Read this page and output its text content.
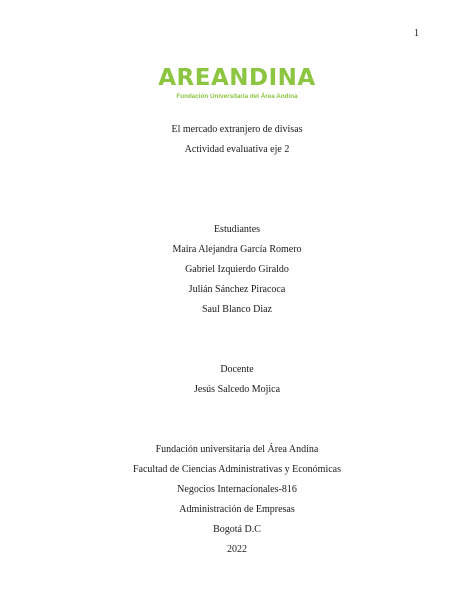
1
AREANDINA
Fundación Universitaria del Área Andina
El mercado extranjero de divisas
Actividad evaluativa eje 2
Estudiantes
Maira Alejandra García Romero
Gabriel Izquierdo Giraldo
Julián Sánchez Piracoca
Saul Blanco Diaz
Docente
Jesús Salcedo Mojica
Fundación universitaria del Área Andina
Facultad de Ciencias Administrativas y Económicas
Negocios Internacionales-816
Administración de Empresas
Bogotá D.C
2022
